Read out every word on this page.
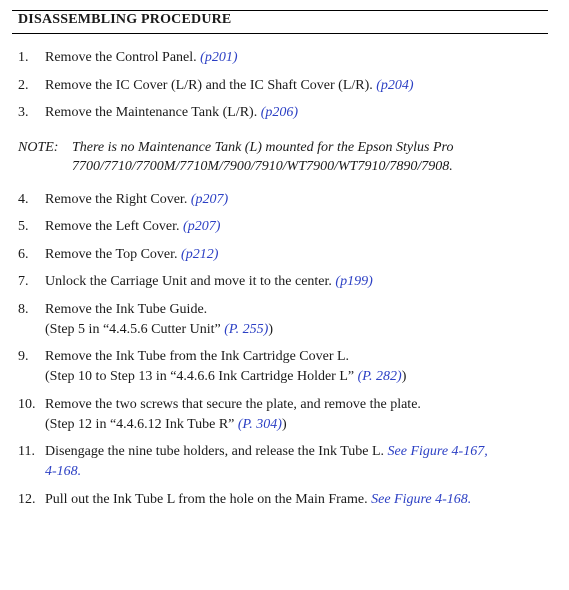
DISASSEMBLING PROCEDURE
1. Remove the Control Panel. (p201)
2. Remove the IC Cover (L/R) and the IC Shaft Cover (L/R). (p204)
3. Remove the Maintenance Tank (L/R). (p206)
NOTE: There is no Maintenance Tank (L) mounted for the Epson Stylus Pro
7700/7710/7700M/7710M/7900/7910/WT7900/WT7910/7890/7908.
4. Remove the Right Cover. (p207)
5. Remove the Left Cover. (p207)
6. Remove the Top Cover. (p212)
7. Unlock the Carriage Unit and move it to the center. (p199)
8. Remove the Ink Tube Guide.
(Step 5 in “4.4.5.6 Cutter Unit” (P. 255))
9. Remove the Ink Tube from the Ink Cartridge Cover L.
(Step 10 to Step 13 in “4.4.6.6 Ink Cartridge Holder L” (P. 282))
10. Remove the two screws that secure the plate, and remove the plate.
(Step 12 in “4.4.6.12 Ink Tube R” (P. 304))
11. Disengage the nine tube holders, and release the Ink Tube L. See Figure 4-167,
4-168.
12. Pull out the Ink Tube L from the hole on the Main Frame. See Figure 4-168.
